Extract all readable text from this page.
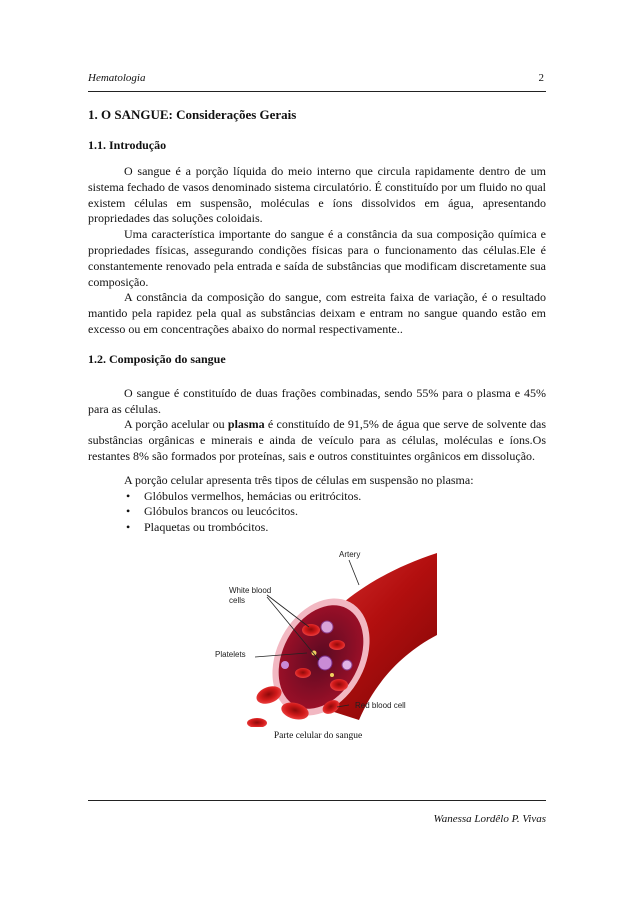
Hematologia	2
1. O SANGUE: Considerações Gerais
1.1. Introdução

O sangue é a porção líquida do meio interno que circula rapidamente dentro de um sistema fechado de vasos denominado sistema circulatório. É constituído por um fluido no qual existem células em suspensão, moléculas e íons dissolvidos em água, apresentando propriedades das soluções coloidais.

Uma característica importante do sangue é a constância da sua composição química e propriedades físicas, assegurando condições físicas para o funcionamento das células.Ele é constantemente renovado pela entrada e saída de substâncias que modificam discretamente sua composição.

A constância da composição do sangue, com estreita faixa de variação, é o resultado mantido pela rapidez pela qual as substâncias deixam e entram no sangue quando estão em excesso ou em concentrações abaixo do normal respectivamente..

1.2. Composição do sangue

O sangue é constituído de duas frações combinadas, sendo 55% para o plasma e 45% para as células.

A porção acelular ou plasma é constituído de 91,5% de água que serve de solvente das substâncias orgânicas e minerais e ainda de veículo para as células, moléculas e íons.Os restantes 8% são formados por proteínas, sais e outros constituintes orgânicos em dissolução.

A porção celular apresenta três tipos de células em suspensão no plasma:

• Glóbulos vermelhos, hemácias ou eritrócitos.
• Glóbulos brancos ou leucócitos.
• Plaquetas ou trombócitos.
Artery
White blood
cells
Platelets
Red blood cell
Parte celular do sangue
Wanessa Lordêlo P. Vivas
